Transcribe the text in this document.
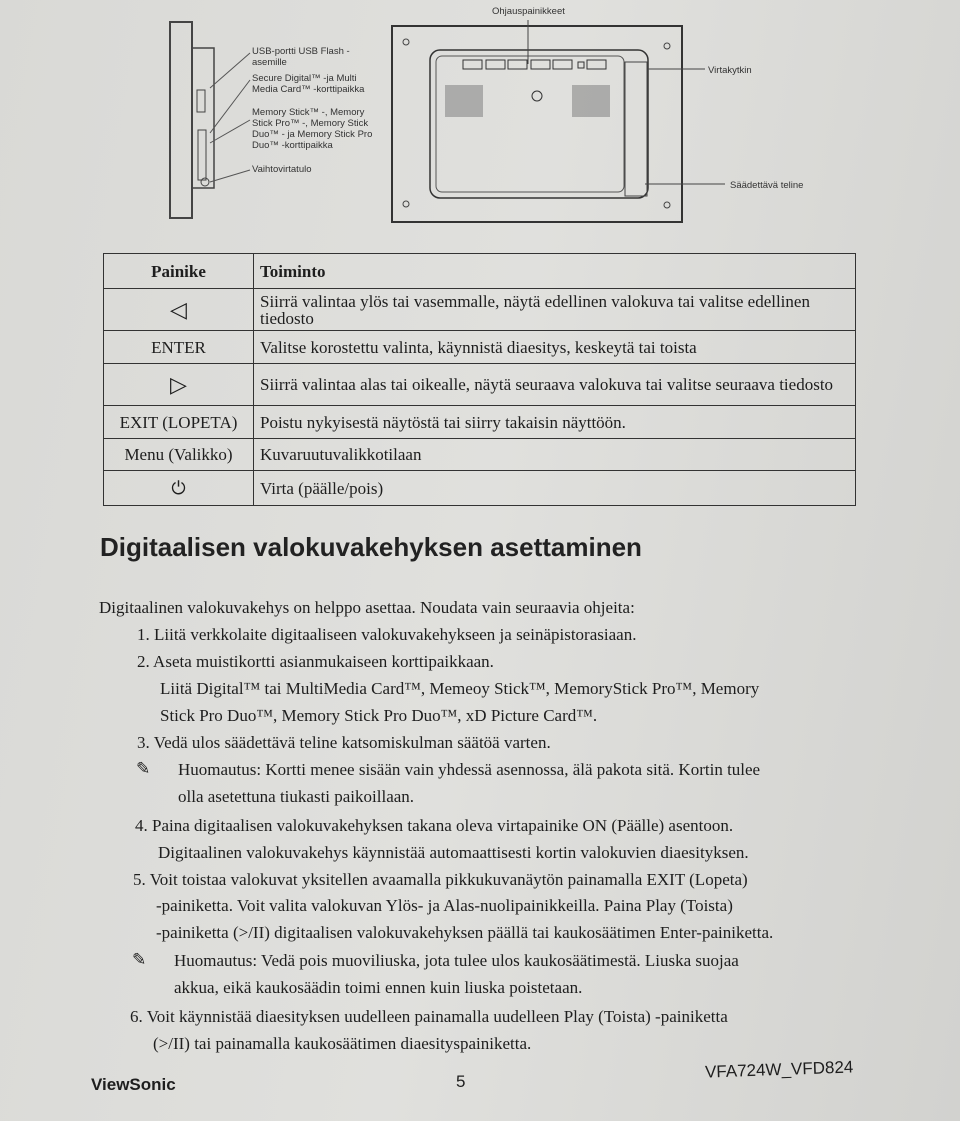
USB-portti USB Flash -asemille
Secure Digital™ -ja Multi Media Card™ -korttipaikka
Memory Stick™ -, Memory Stick Pro™ -, Memory Stick Duo™ - ja Memory Stick Pro Duo™ -korttipaikka
Vaihtovirtatulo
Ohjauspainikkeet
Virtakytkin
Säädettävä teline
Painike	Toiminto
◁	Siirrä valintaa ylös tai vasemmalle, näytä edellinen valokuva tai valitse edellinen tiedosto
ENTER	Valitse korostettu valinta, käynnistä diaesitys, keskeytä tai toista
▷	Siirrä valintaa alas tai oikealle, näytä seuraava valokuva tai valitse seuraava tiedosto
EXIT (LOPETA)	Poistu nykyisestä näytöstä tai siirry takaisin näyttöön.
Menu (Valikko)	Kuvaruutuvalikkotilaan
⏻	Virta (päälle/pois)
Digitaalisen valokuvakehyksen asettaminen
Digitaalinen valokuvakehys on helppo asettaa. Noudata vain seuraavia ohjeita:
1. Liitä verkkolaite digitaaliseen valokuvakehykseen ja seinäpistorasiaan.
2. Aseta muistikortti asianmukaiseen korttipaikkaan.
Liitä Digital™ tai MultiMedia Card™, Memeoy Stick™, MemoryStick Pro™, Memory
Stick Pro Duo™, Memory Stick Pro Duo™, xD Picture Card™.
3. Vedä ulos säädettävä teline katsomiskulman säätöä varten.
✎ Huomautus: Kortti menee sisään vain yhdessä asennossa, älä pakota sitä. Kortin tulee
olla asetettuna tiukasti paikoillaan.
4. Paina digitaalisen valokuvakehyksen takana oleva virtapainike ON (Päälle) asentoon.
Digitaalinen valokuvakehys käynnistää automaattisesti kortin valokuvien diaesityksen.
5. Voit toistaa valokuvat yksitellen avaamalla pikkukuvanäytön painamalla EXIT (Lopeta)
-painiketta. Voit valita valokuvan Ylös- ja Alas-nuolipainikkeilla. Paina Play (Toista)
-painiketta (>/II) digitaalisen valokuvakehyksen päällä tai kaukosäätimen Enter-painiketta.
✎ Huomautus: Vedä pois muoviliuska, jota tulee ulos kaukosäätimestä. Liuska suojaa
akkua, eikä kaukosäädin toimi ennen kuin liuska poistetaan.
6. Voit käynnistää diaesityksen uudelleen painamalla uudelleen Play (Toista) -painiketta
(>/II) tai painamalla kaukosäätimen diaesityspainiketta.
ViewSonic	5	VFA724W_VFD824
